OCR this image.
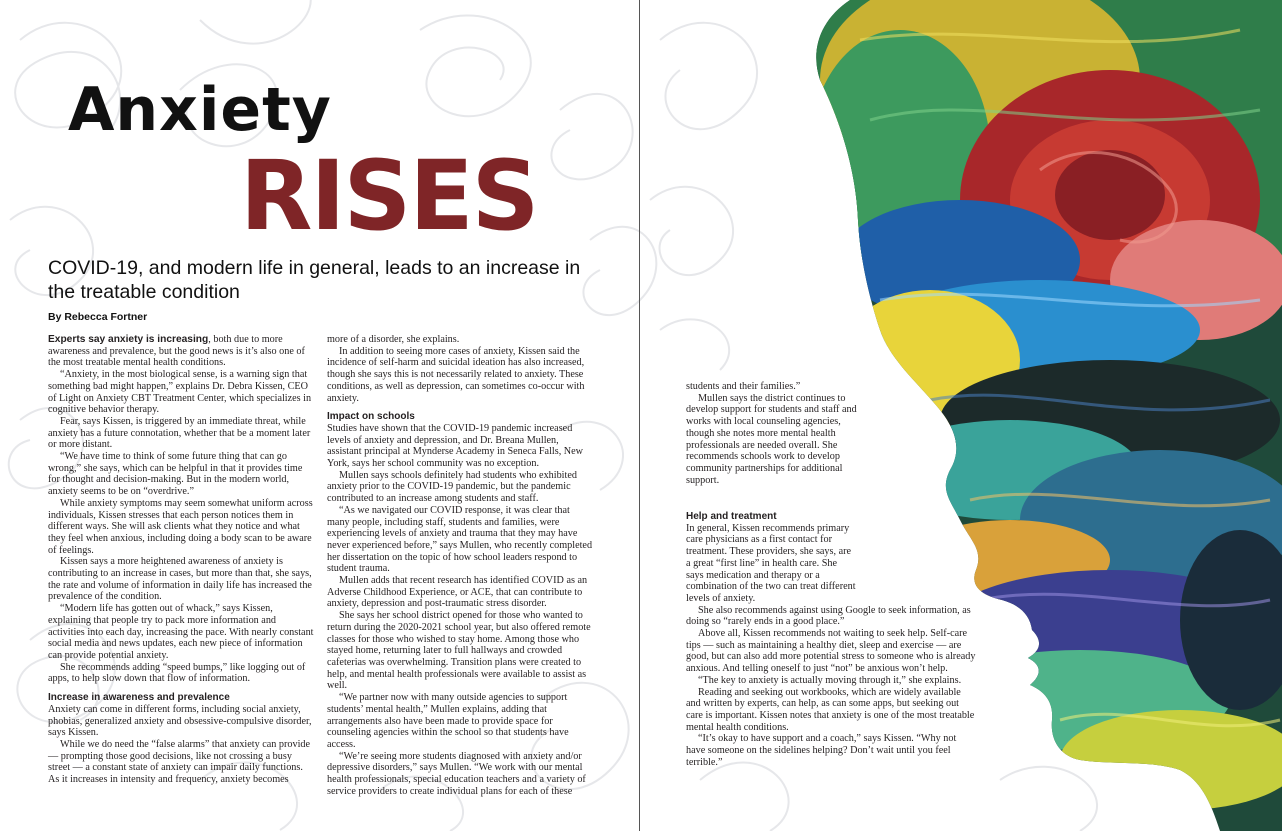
Anxiety
RISES
COVID-19, and modern life in general, leads to an increase in the treatable condition
By Rebecca Fortner

Experts say anxiety is increasing, both due to more awareness and prevalence, but the good news is it’s also one of the most treatable mental health conditions.

“Anxiety, in the most biological sense, is a warning sign that something bad might happen,” explains Dr. Debra Kissen, CEO of Light on Anxiety CBT Treatment Center, which specializes in cognitive behavior therapy.

Fear, says Kissen, is triggered by an immediate threat, while anxiety has a future connotation, whether that be a moment later or more distant.

“We have time to think of some future thing that can go wrong,” she says, which can be helpful in that it provides time for thought and decision-making. But in the modern world, anxiety seems to be on “overdrive.”

While anxiety symptoms may seem somewhat uniform across individuals, Kissen stresses that each person notices them in different ways. She will ask clients what they notice and what they feel when anxious, including doing a body scan to be aware of feelings.

Kissen says a more heightened awareness of anxiety is contributing to an increase in cases, but more than that, she says, the rate and volume of information in daily life has increased the prevalence of the condition.

“Modern life has gotten out of whack,” says Kissen, explaining that people try to pack more information and activities into each day, increasing the pace. With nearly constant social media and news updates, each new piece of information can provide potential anxiety.

She recommends adding “speed bumps,” like logging out of apps, to help slow down that flow of information.

Increase in awareness and prevalence

Anxiety can come in different forms, including social anxiety, phobias, generalized anxiety and obsessive-compulsive disorder, says Kissen.

While we do need the “false alarms” that anxiety can provide — prompting those good decisions, like not crossing a busy street — a constant state of anxiety can impair daily functions. As it increases in intensity and frequency, anxiety becomes

more of a disorder, she explains.

In addition to seeing more cases of anxiety, Kissen said the incidence of self-harm and suicidal ideation has also increased, though she says this is not necessarily related to anxiety. These conditions, as well as depression, can sometimes co-occur with anxiety.

Impact on schools

Studies have shown that the COVID-19 pandemic increased levels of anxiety and depression, and Dr. Breana Mullen, assistant principal at Mynderse Academy in Seneca Falls, New York, says her school community was no exception.

Mullen says schools definitely had students who exhibited anxiety prior to the COVID-19 pandemic, but the pandemic contributed to an increase among students and staff.

“As we navigated our COVID response, it was clear that many people, including staff, students and families, were experiencing levels of anxiety and trauma that they may have never experienced before,” says Mullen, who recently completed her dissertation on the topic of how school leaders respond to student trauma.

Mullen adds that recent research has identified COVID as an Adverse Childhood Experience, or ACE, that can contribute to anxiety, depression and post-traumatic stress disorder.

She says her school district opened for those who wanted to return during the 2020-2021 school year, but also offered remote classes for those who wished to stay home. Among those who stayed home, returning later to full hallways and crowded cafeterias was overwhelming. Transition plans were created to help, and mental health professionals were available to assist as well.

“We partner now with many outside agencies to support students’ mental health,” Mullen explains, adding that arrangements also have been made to provide space for counseling agencies within the school so that students have access.

“We’re seeing more students diagnosed with anxiety and/or depressive disorders,” says Mullen. “We work with our mental health professionals, special education teachers and a variety of service providers to create individual plans for each of these

students and their families.”

Mullen says the district continues to develop support for students and staff and works with local counseling agencies, though she notes more mental health professionals are needed overall. She recommends schools work to develop community partnerships for additional support.

Help and treatment

In general, Kissen recommends primary care physicians as a first contact for treatment. These providers, she says, are a great “first line” in health care. She says medication and therapy or a combination of the two can treat different levels of anxiety.

She also recommends against using Google to seek information, as doing so “rarely ends in a good place.”

Above all, Kissen recommends not waiting to seek help. Self-care tips — such as maintaining a healthy diet, sleep and exercise — are good, but can also add more potential stress to someone who is already anxious. And telling oneself to just “not” be anxious won’t help.

“The key to anxiety is actually moving through it,” she explains.

Reading and seeking out workbooks, which are widely available and written by experts, can help, as can some apps, but seeking out care is important. Kissen notes that anxiety is one of the most treatable mental health conditions.

“It’s okay to have support and a coach,” says Kissen. “Why not have someone on the sidelines helping? Don’t wait until you feel terrible.”
